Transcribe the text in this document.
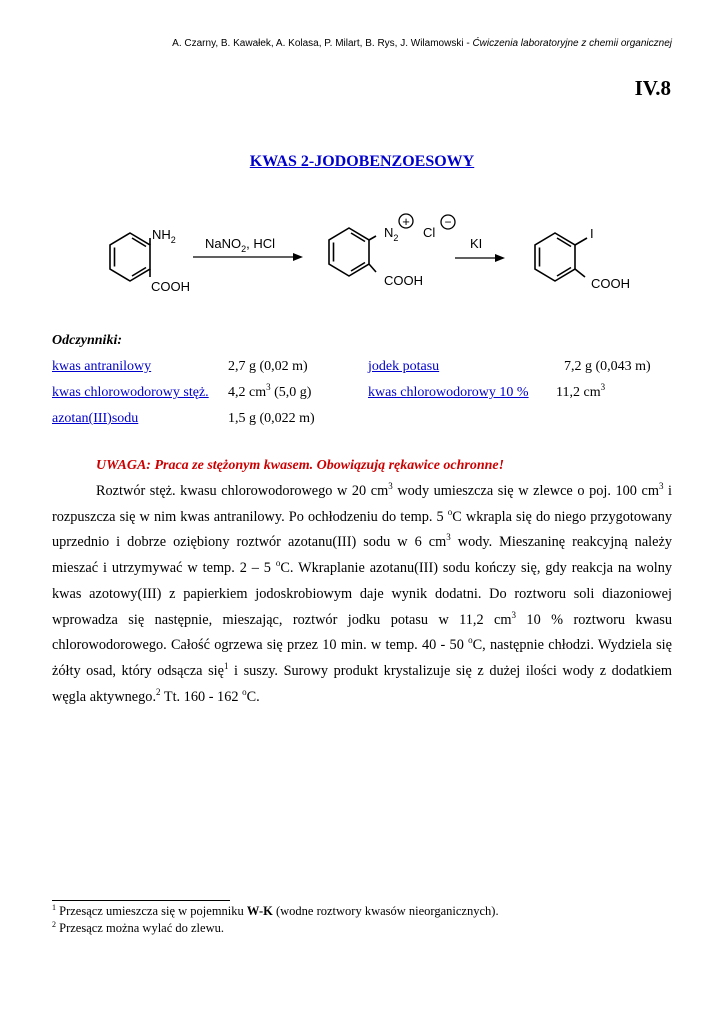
A. Czarny, B. Kawałek, A. Kolasa, P. Milart, B. Rys, J. Wilamowski - Ćwiczenia laboratoryjne z chemii organicznej
IV.8
KWAS 2-JODOBENZOESOWY
$NH_2$
COOH
NaNO$_2$, HCl
$N_2$
+
Cl
−
COOH
KI
I
COOH
Odczynniki:
kwas antranilowy	2,7 g (0,02 m)	jodek potasu	7,2 g (0,043 m)
kwas chlorowodorowy stęż. 4,2 $cm^3$ (5,0 g)	kwas chlorowodorowy 10 % 11,2 $cm^3$
azotan(III)sodu	1,5 g (0,022 m)
UWAGA: Praca ze stężonym kwasem. Obowiązują rękawice ochronne!
Roztwór stęż. kwasu chlorowodorowego w 20 $cm^3$ wody umieszcza się w zlewce o poj. 100 $cm^3$ i rozpuszcza się w nim kwas antranilowy. Po ochłodzeniu do temp. 5 $^o$C wkrapla się do niego przygotowany uprzednio i dobrze oziębiony roztwór azotanu(III) sodu w 6 $cm^3$ wody. Mieszaninę reakcyjną należy mieszać i utrzymywać w temp. 2 – 5 $^o$C. Wkraplanie azotanu(III) sodu kończy się, gdy reakcja na wolny kwas azotowy(III) z papierkiem jodoskrobiowym daje wynik dodatni. Do roztworu soli diazoniowej wprowadza się następnie, mieszając, roztwór jodku potasu w 11,2 $cm^3$ 10 % roztworu kwasu chlorowodorowego. Całość ogrzewa się przez 10 min. w temp. 40 - 50 $^o$C, następnie chłodzi. Wydziela się żółty osad, który odsącza się$^1$ i suszy. Surowy produkt krystalizuje się z dużej ilości wody z dodatkiem węgla aktywnego.$^2$ Tt. 160 - 162 $^o$C.
$^1$ Przesącz umieszcza się w pojemniku W-K (wodne roztwory kwasów nieorganicznych).
$^2$ Przesącz można wylać do zlewu.
